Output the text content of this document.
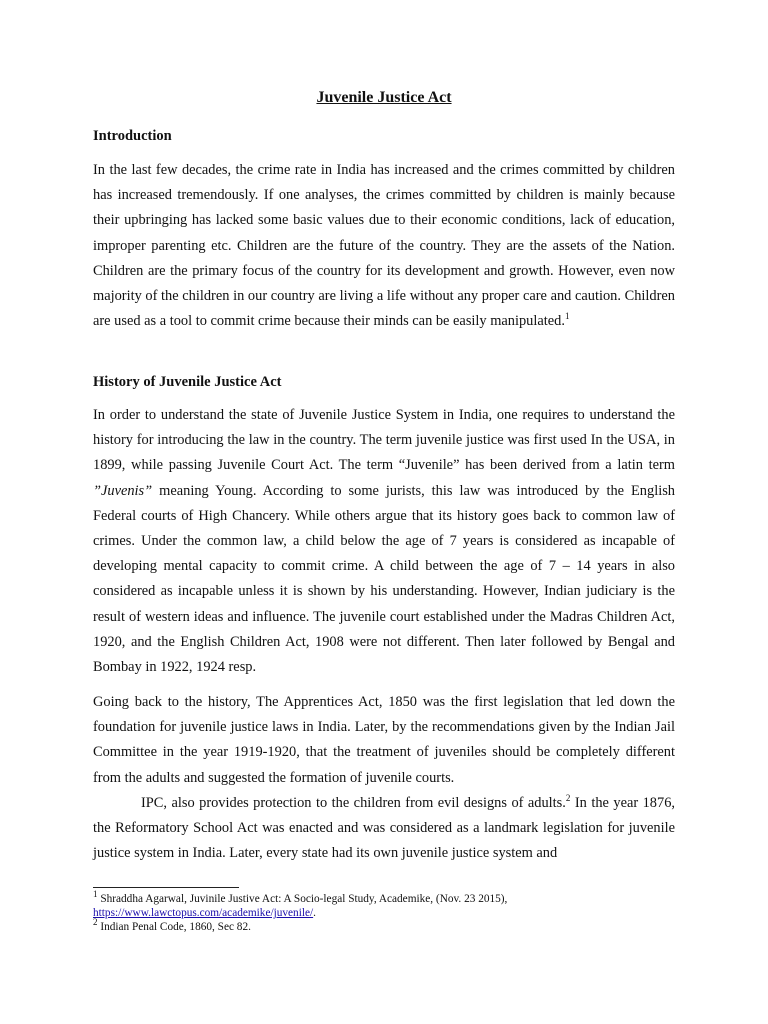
Juvenile Justice Act
Introduction

In the last few decades, the crime rate in India has increased and the crimes committed by children has increased tremendously. If one analyses, the crimes committed by children is mainly because their upbringing has lacked some basic values due to their economic conditions, lack of education, improper parenting etc. Children are the future of the country. They are the assets of the Nation. Children are the primary focus of the country for its development and growth. However, even now majority of the children in our country are living a life without any proper care and caution. Children are used as a tool to commit crime because their minds can be easily manipulated.$^1$

History of Juvenile Justice Act

In order to understand the state of Juvenile Justice System in India, one requires to understand the history for introducing the law in the country. The term juvenile justice was first used In the USA, in 1899, while passing Juvenile Court Act. The term “Juvenile” has been derived from a latin term ”Juvenis” meaning Young. According to some jurists, this law was introduced by the English Federal courts of High Chancery. While others argue that its history goes back to common law of crimes. Under the common law, a child below the age of 7 years is considered as incapable of developing mental capacity to commit crime. A child between the age of 7 – 14 years in also considered as incapable unless it is shown by his understanding. However, Indian judiciary is the result of western ideas and influence. The juvenile court established under the Madras Children Act, 1920, and the English Children Act, 1908 were not different. Then later followed by Bengal and Bombay in 1922, 1924 resp.

Going back to the history, The Apprentices Act, 1850 was the first legislation that led down the foundation for juvenile justice laws in India. Later, by the recommendations given by the Indian Jail Committee in the year 1919-1920, that the treatment of juveniles should be completely different from the adults and suggested the formation of juvenile courts.
IPC, also provides protection to the children from evil designs of adults.$^2$ In the year 1876, the Reformatory School Act was enacted and was considered as a landmark legislation for juvenile justice system in India. Later, every state had its own juvenile justice system and

$^1$ Shraddha Agarwal, Juvinile Justive Act: A Socio-legal Study, Academike, (Nov. 23 2015),

https://www.lawctopus.com/academike/juvenile/.

$^2$ Indian Penal Code, 1860, Sec 82.
